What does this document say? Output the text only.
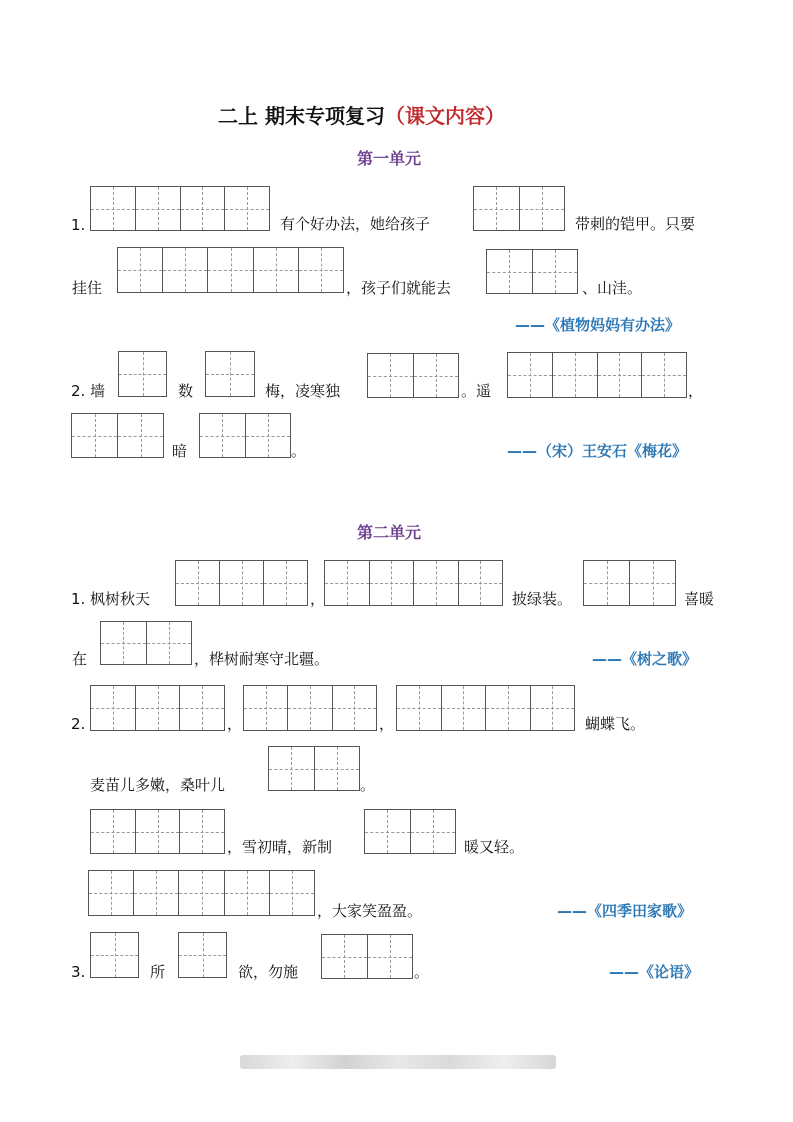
二上 期末专项复习（课文内容）
第一单元
1.	有个好办法，她给孩子	带刺的铠甲。只要
挂住	，孩子们就能去	、山洼。
——《植物妈妈有办法》
2. 墙	数	梅，凌寒独	。遥	，
暗	。	——（宋）王安石《梅花》
第二单元
1. 枫树秋天	，	披绿装。	喜暖
在	，桦树耐寒守北疆。	——《树之歌》
2.	，	，	蝴蝶飞。
麦苗儿多嫩，桑叶儿	。
，雪初晴，新制	暖又轻。
，大家笑盈盈。	——《四季田家歌》
3.	所	欲，勿施	。	——《论语》
